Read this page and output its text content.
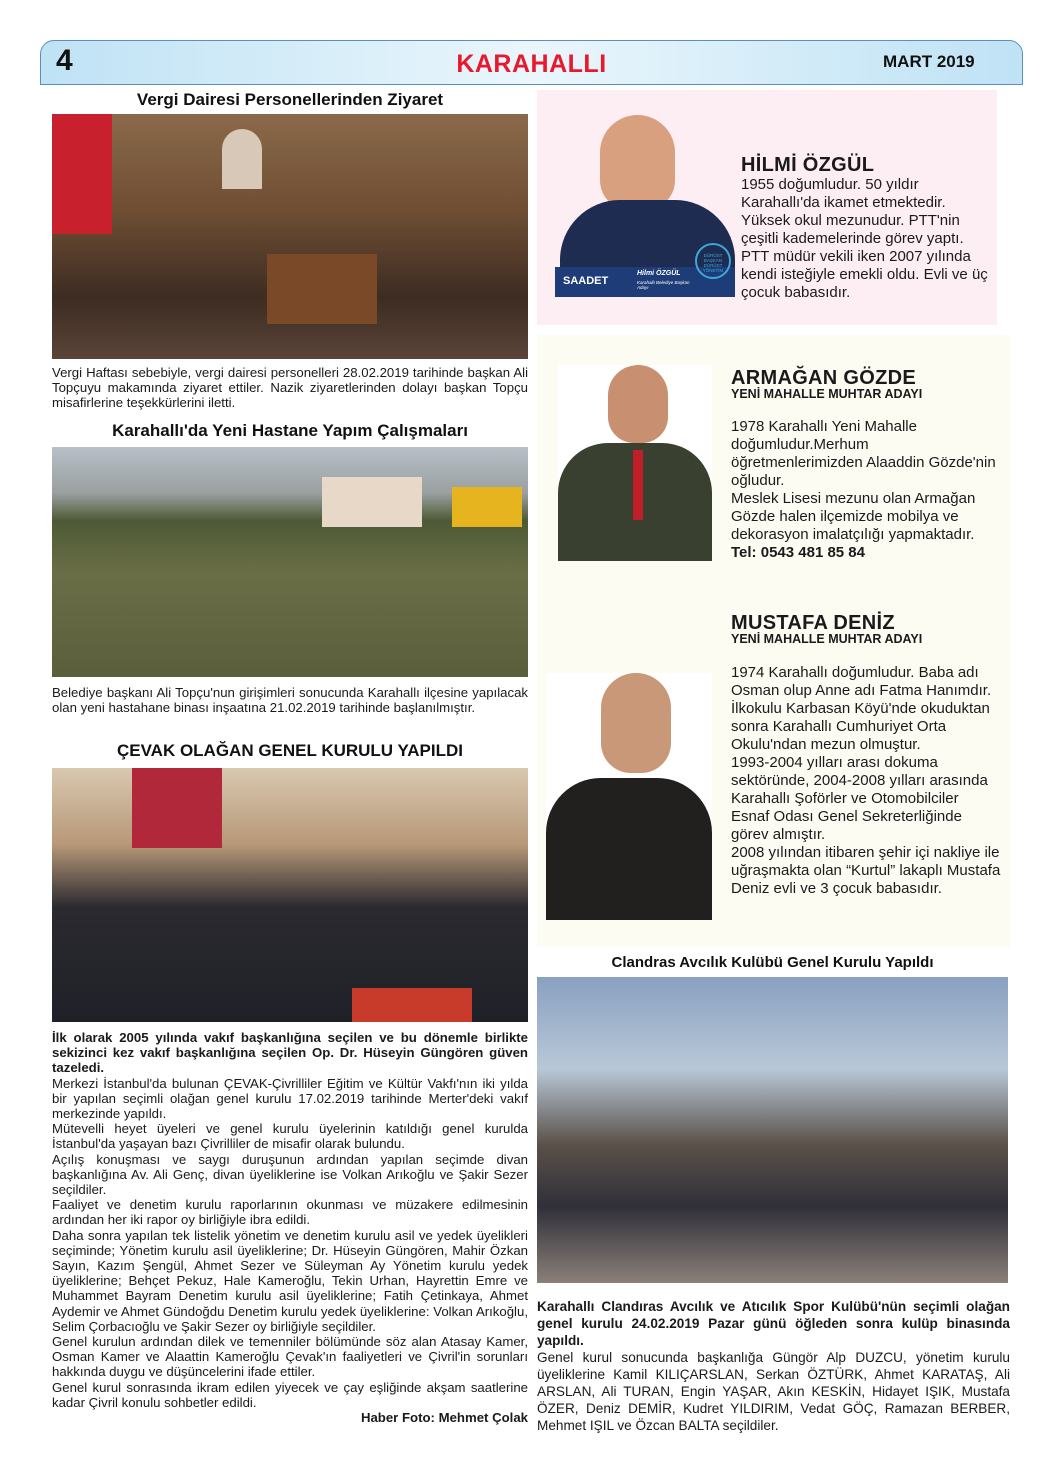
4	KARAHALLI	MART 2019
Vergi Dairesi Personellerinden Ziyaret
Vergi Haftası sebebiyle, vergi dairesi personelleri 28.02.2019 tarihinde başkan Ali Topçuyu makamında ziyaret ettiler. Nazik ziyaretlerinden dolayı başkan Topçu misafirlerine teşekkürlerini iletti.
Karahallı'da Yeni Hastane Yapım Çalışmaları
Belediye başkanı Ali Topçu'nun girişimleri sonucunda Karahallı ilçesine yapılacak olan yeni hastahane binası inşaatına 21.02.2019 tarihinde başlanılmıştır.
ÇEVAK OLAĞAN GENEL KURULU YAPILDI
İlk olarak 2005 yılında vakıf başkanlığına seçilen ve bu dönemle birlikte sekizinci kez vakıf başkanlığına seçilen Op. Dr. Hüseyin Güngören güven tazeledi.
Merkezi İstanbul'da bulunan ÇEVAK-Çivrilliler Eğitim ve Kültür Vakfı'nın iki yılda bir yapılan seçimli olağan genel kurulu 17.02.2019 tarihinde Merter'deki vakıf merkezinde yapıldı.
Mütevelli heyet üyeleri ve genel kurulu üyelerinin katıldığı genel kurulda İstanbul'da yaşayan bazı Çivrilliler de misafir olarak bulundu.
Açılış konuşması ve saygı duruşunun ardından yapılan seçimde divan başkanlığına Av. Ali Genç, divan üyeliklerine ise Volkan Arıkoğlu ve Şakir Sezer seçildiler.
Faaliyet ve denetim kurulu raporlarının okunması ve müzakere edilmesinin ardından her iki rapor oy birliğiyle ibra edildi.
Daha sonra yapılan tek listelik yönetim ve denetim kurulu asil ve yedek üyelikleri seçiminde; Yönetim kurulu asil üyeliklerine; Dr. Hüseyin Güngören, Mahir Özkan Sayın, Kazım Şengül, Ahmet Sezer ve Süleyman Ay Yönetim kurulu yedek üyeliklerine; Behçet Pekuz, Hale Kameroğlu, Tekin Urhan, Hayrettin Emre ve Muhammet Bayram Denetim kurulu asil üyeliklerine; Fatih Çetinkaya, Ahmet Aydemir ve Ahmet Gündoğdu Denetim kurulu yedek üyeliklerine: Volkan Arıkoğlu, Selim Çorbacıoğlu ve Şakir Sezer oy birliğiyle seçildiler.
Genel kurulun ardından dilek ve temenniler bölümünde söz alan Atasay Kamer, Osman Kamer ve Alaattin Kameroğlu Çevak'ın faaliyetleri ve Çivril'in sorunları hakkında duygu ve düşüncelerini ifade ettiler.
Genel kurul sonrasında ikram edilen yiyecek ve çay eşliğinde akşam saatlerine kadar Çivril konulu sohbetler edildi.
Haber Foto: Mehmet Çolak
SAADET
Hilmi ÖZGÜL
Karahallı Belediye Başkan Adayı
DÜRÜST BAŞKAN DÜRÜST YÖNETİM
HİLMİ ÖZGÜL
1955 doğumludur. 50 yıldır Karahallı'da ikamet etmektedir. Yüksek okul mezunudur. PTT'nin çeşitli kademelerinde görev yaptı. PTT müdür vekili iken 2007 yılında kendi isteğiyle emekli oldu. Evli ve üç çocuk babasıdır.
ARMAĞAN GÖZDE
YENİ MAHALLE MUHTAR ADAYI
1978 Karahallı Yeni Mahalle doğumludur.Merhum öğretmenlerimizden Alaaddin Gözde'nin oğludur.
Meslek Lisesi mezunu olan Armağan Gözde halen ilçemizde mobilya ve dekorasyon imalatçılığı yapmaktadır.
Tel: 0543 481 85 84
MUSTAFA DENİZ
YENİ MAHALLE MUHTAR ADAYI
1974 Karahallı doğumludur. Baba adı Osman olup Anne adı Fatma Hanımdır. İlkokulu Karbasan Köyü'nde okuduktan sonra Karahallı Cumhuriyet Orta Okulu'ndan mezun olmuştur.
1993-2004 yılları arası dokuma sektöründe, 2004-2008 yılları arasında Karahallı Şoförler ve Otomobilciler Esnaf Odası Genel Sekreterliğinde görev almıştır.
2008 yılından itibaren şehir içi nakliye ile uğraşmakta olan “Kurtul” lakaplı Mustafa Deniz evli ve 3 çocuk babasıdır.
Clandras Avcılık Kulübü Genel Kurulu Yapıldı
Karahallı Clandıras Avcılık ve Atıcılık Spor Kulübü'nün seçimli olağan genel kurulu 24.02.2019 Pazar günü öğleden sonra kulüp binasında yapıldı.
Genel kurul sonucunda başkanlığa Güngör Alp DUZCU, yönetim kurulu üyeliklerine Kamil KILIÇARSLAN, Serkan ÖZTÜRK, Ahmet KARATAŞ, Ali ARSLAN, Ali TURAN, Engin YAŞAR, Akın KESKİN, Hidayet IŞIK, Mustafa ÖZER, Deniz DEMİR, Kudret YILDIRIM, Vedat GÖÇ, Ramazan BERBER, Mehmet IŞIL ve Özcan BALTA seçildiler.
